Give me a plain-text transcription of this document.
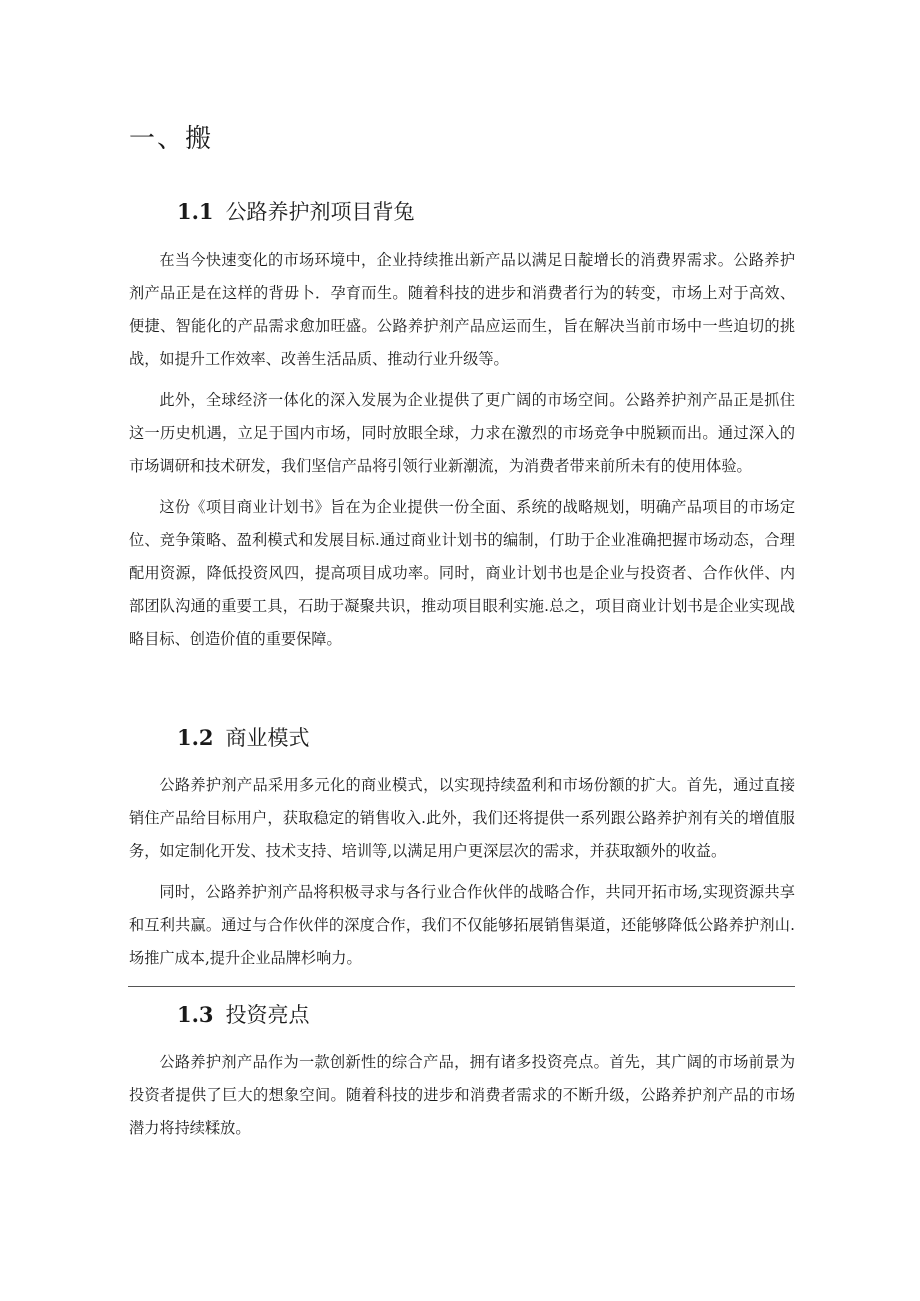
一、搬
1.1 公路养护剂项目背兔

在当今快速变化的市场环境中，企业持续推出新产品以满足日靛增长的消费界需求。公路养护剂产品正是在这样的背毋卜．孕育而生。随着科技的进步和消费者行为的转变，市场上对于高效、便捷、智能化的产品需求愈加旺盛。公路养护剂产品应运而生，旨在解决当前市场中一些迫切的挑战，如提升工作效率、改善生活品质、推动行业升级等。

此外，全球经济一体化的深入发展为企业提供了更广阔的市场空间。公路养护剂产品正是抓住这一历史机遇，立足于国内市场，同时放眼全球，力求在激烈的市场竞争中脱颖而出。通过深入的市场调研和技术研发，我们坚信产品将引领行业新潮流，为消费者带来前所未有的使用体验。

这份《项目商业计划书》旨在为企业提供一份全面、系统的战略规划，明确产品项目的市场定位、竞争策略、盈利模式和发展目标.通过商业计划书的编制，仃助于企业准确把握市场动态，合理配用资源，降低投资风四，提高项目成功率。同时，商业计划书也是企业与投资者、合作伙伴、内部团队沟通的重要工具，石助于凝聚共识，推动项目眼利实施.总之，项目商业计划书是企业实现战略目标、创造价值的重要保障。

1.2 商业模式

公路养护剂产品采用多元化的商业模式，以实现持续盈利和市场份额的扩大。首先，通过直接销住产品给目标用户，获取稳定的销售收入.此外，我们还将提供一系列跟公路养护剂有关的增值服务，如定制化开发、技术支持、培训等,以满足用户更深层次的需求，并获取额外的收益。

同时，公路养护剂产品将积极寻求与各行业合作伙伴的战略合作，共同开拓市场,实现资源共享和互利共赢。通过与合作伙伴的深度合作，我们不仅能够拓展销售渠道，还能够降低公路养护剂山.场推广成本,提升企业品牌杉响力。

1.3 投资亮点

公路养护剂产品作为一款创新性的综合产品，拥有诸多投资亮点。首先，其广阔的市场前景为投资者提供了巨大的想象空间。随着科技的进步和消费者需求的不断升级，公路养护剂产品的市场潜力将持续糅放。
